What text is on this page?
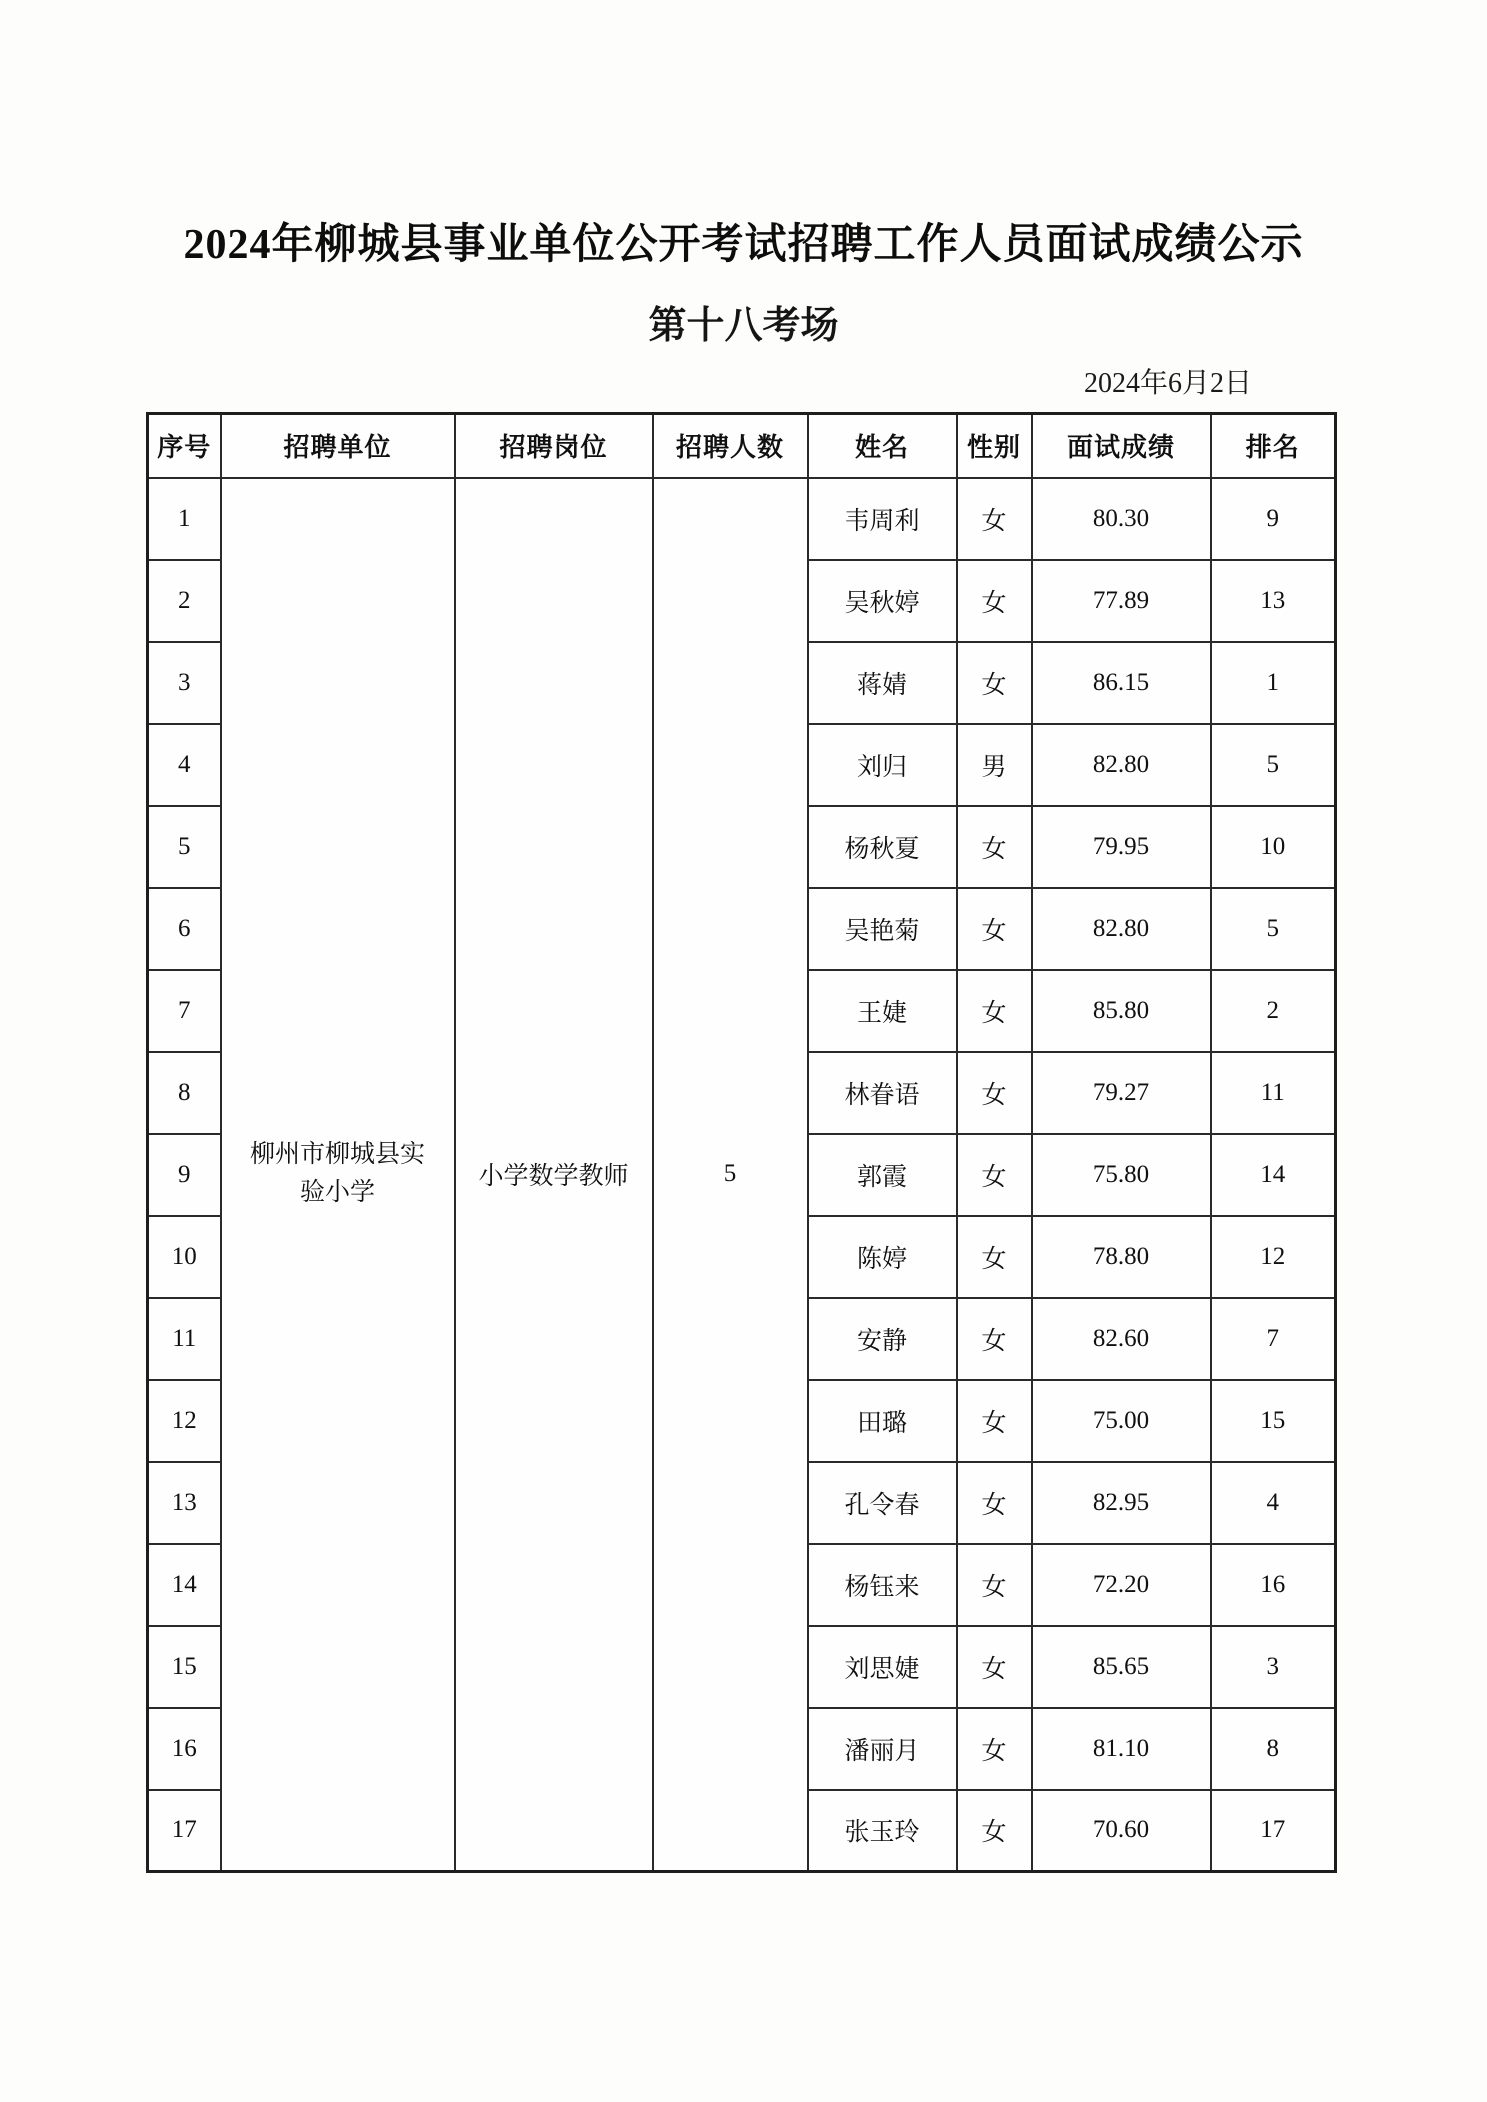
2024年柳城县事业单位公开考试招聘工作人员面试成绩公示
第十八考场
2024年6月2日
序号	招聘单位	招聘岗位	招聘人数	姓名	性别	面试成绩	排名
1	柳州市柳城县实验小学	小学数学教师	5	韦周利	女	80.30	9
2				吴秋婷	女	77.89	13
3				蒋婧	女	86.15	1
4				刘归	男	82.80	5
5				杨秋夏	女	79.95	10
6				吴艳菊	女	82.80	5
7				王婕	女	85.80	2
8				林眷语	女	79.27	11
9				郭霞	女	75.80	14
10				陈婷	女	78.80	12
11				安静	女	82.60	7
12				田璐	女	75.00	15
13				孔令春	女	82.95	4
14				杨钰来	女	72.20	16
15				刘思婕	女	85.65	3
16				潘丽月	女	81.10	8
17				张玉玲	女	70.60	17
